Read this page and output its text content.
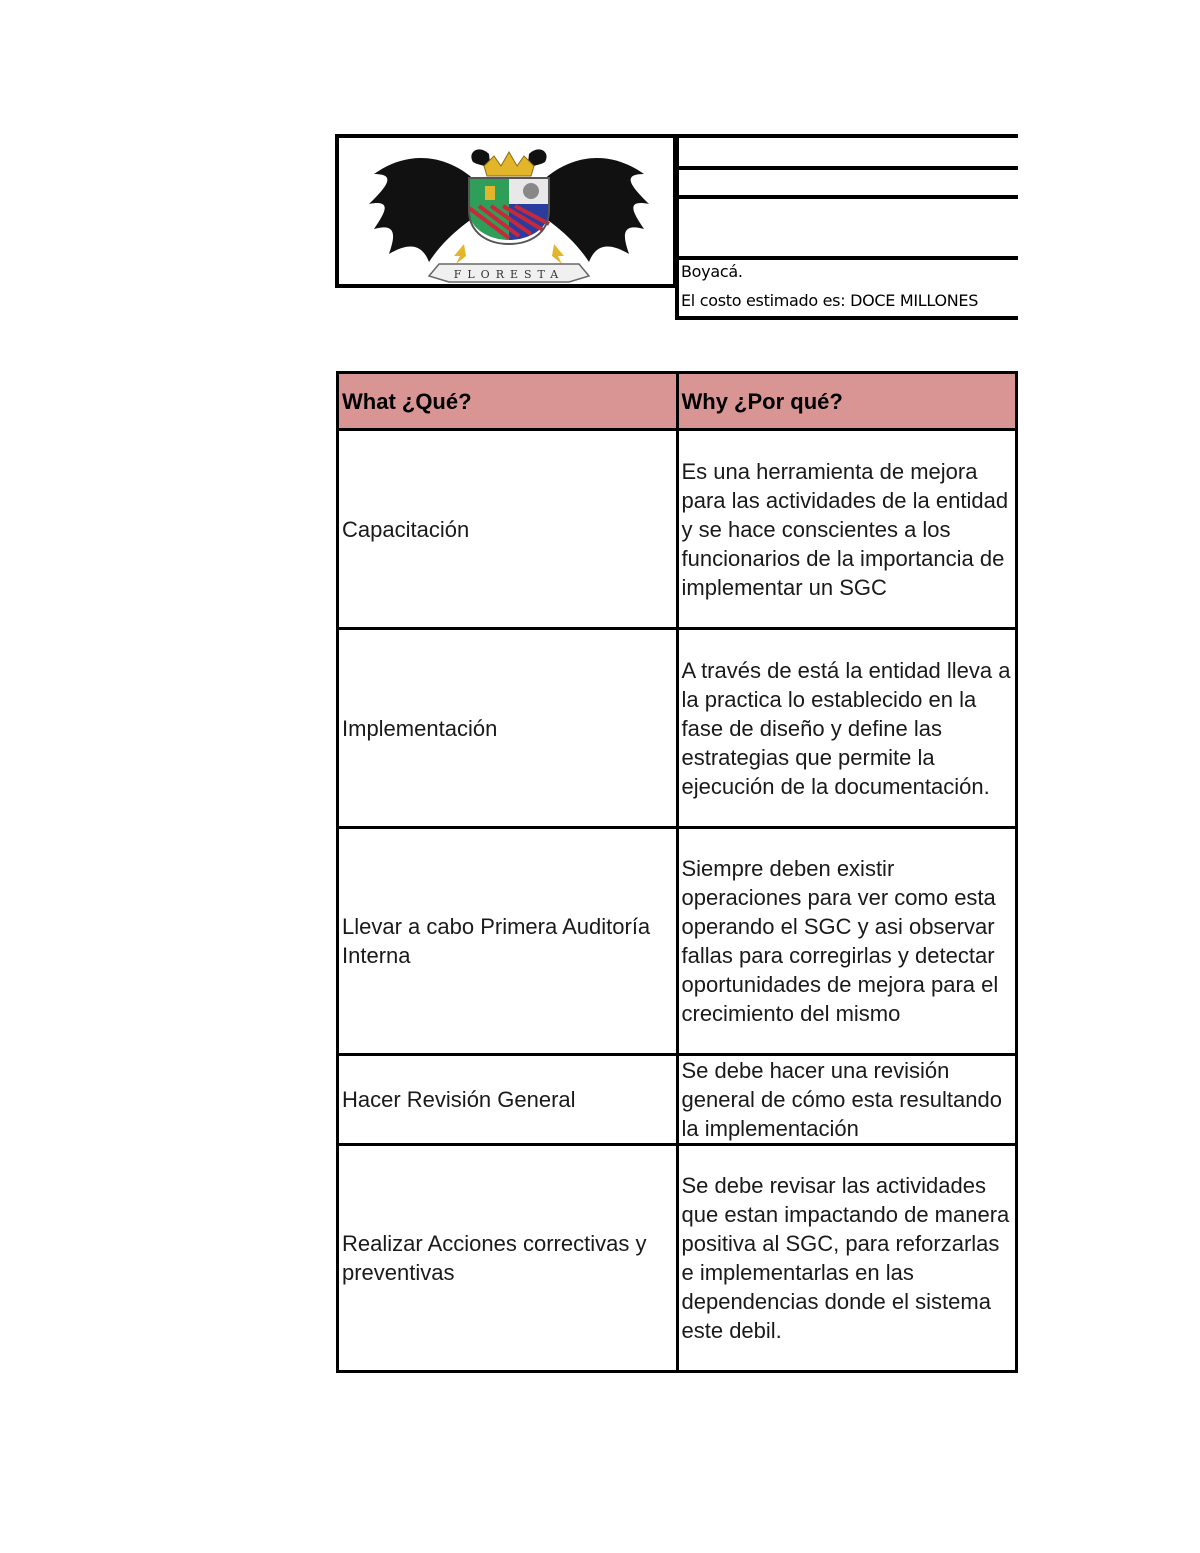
FLORESTA	Boyacá.
El costo estimado es: DOCE MILLONES
What ¿Qué?	Why ¿Por qué?
Capacitación	Es una herramienta de mejora para las actividades de la entidad y se hace conscientes a los funcionarios de la importancia de implementar un SGC
Implementación	A través de está la entidad lleva a la practica lo establecido en la fase de diseño y define las estrategias que permite la ejecución de la documentación.
Llevar a cabo Primera Auditoría Interna	Siempre deben existir operaciones para ver como esta operando el SGC y asi observar fallas para corregirlas y detectar oportunidades de mejora para el crecimiento del mismo
Hacer Revisión General	Se debe hacer una revisión general de cómo esta resultando la implementación
Realizar Acciones correctivas y preventivas	Se debe revisar las actividades que estan impactando de manera positiva al SGC, para reforzarlas e implementarlas en las dependencias donde el sistema este debil.
